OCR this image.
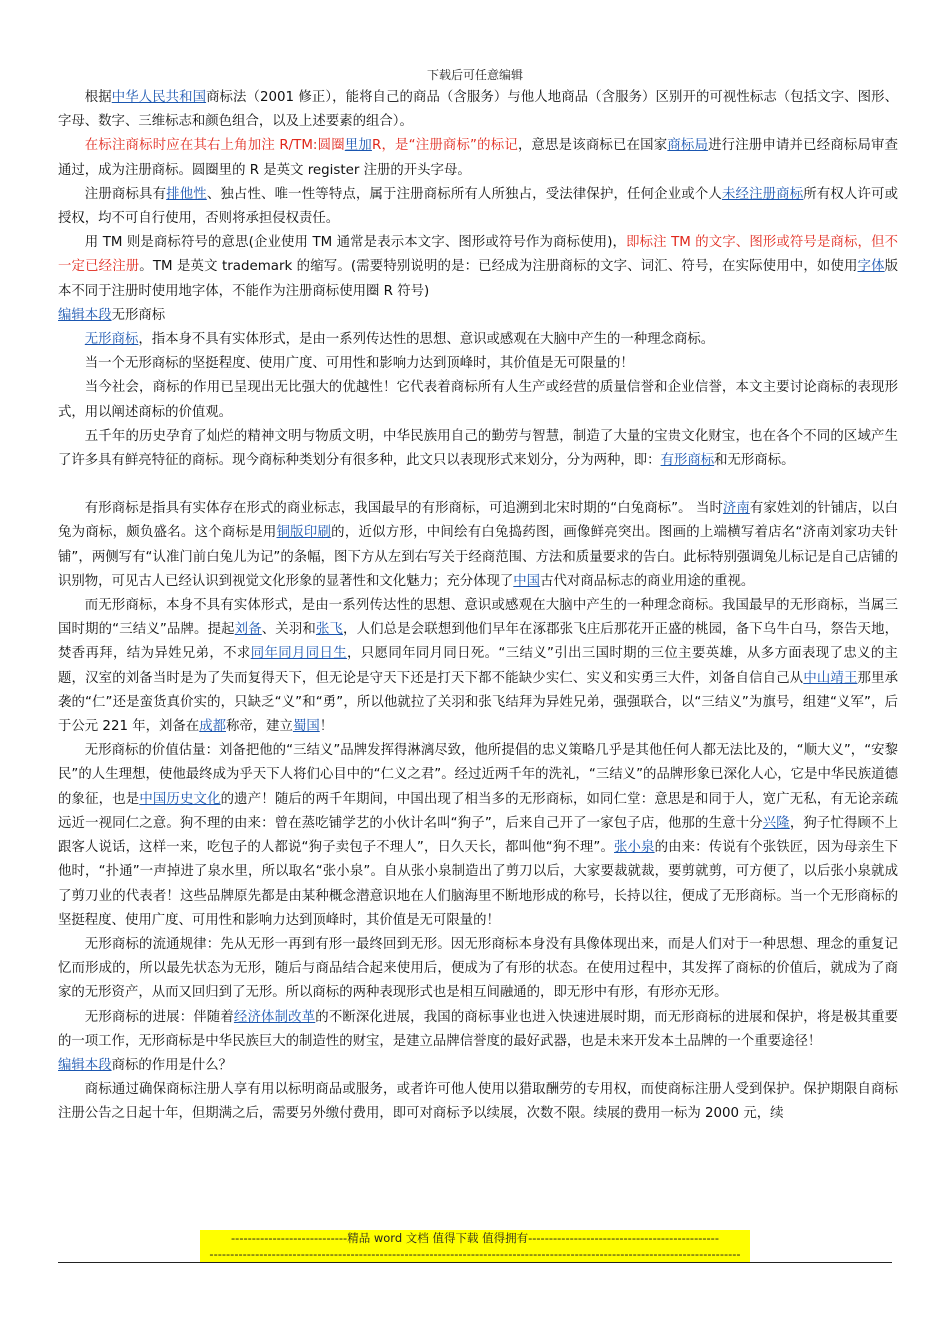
下载后可任意编辑

根据中华人民共和国商标法（2001 修正），能将自己的商品（含服务）与他人地商品（含服务）区别开的可视性标志（包括文字、图形、字母、数字、三维标志和颜色组合，以及上述要素的组合）。

在标注商标时应在其右上角加注 R/TM:圆圈里加R，是“注册商标”的标记，意思是该商标已在国家商标局进行注册申请并已经商标局审查通过，成为注册商标。圆圈里的 R 是英文 register 注册的开头字母。

注册商标具有排他性、独占性、唯一性等特点，属于注册商标所有人所独占，受法律保护，任何企业或个人未经注册商标所有权人许可或授权，均不可自行使用，否则将承担侵权责任。

用 TM 则是商标符号的意思(企业使用 TM 通常是表示本文字、图形或符号作为商标使用)，即标注 TM 的文字、图形或符号是商标，但不一定已经注册。TM 是英文 trademark 的缩写。(需要特别说明的是：已经成为注册商标的文字、词汇、符号，在实际使用中，如使用字体版本不同于注册时使用地字体，不能作为注册商标使用圈 R 符号)

编辑本段无形商标

无形商标，指本身不具有实体形式，是由一系列传达性的思想、意识或感观在大脑中产生的一种理念商标。

当一个无形商标的坚挺程度、使用广度、可用性和影响力达到顶峰时，其价值是无可限量的！

当今社会，商标的作用已呈现出无比强大的优越性！它代表着商标所有人生产或经营的质量信誉和企业信誉，本文主要讨论商标的表现形式，用以阐述商标的价值观。

五千年的历史孕育了灿烂的精神文明与物质文明，中华民族用自己的勤劳与智慧，制造了大量的宝贵文化财宝，也在各个不同的区域产生了许多具有鲜亮特征的商标。现今商标种类划分有很多种，此文只以表现形式来划分，分为两种，即：有形商标和无形商标。

有形商标是指具有实体存在形式的商业标志，我国最早的有形商标，可追溯到北宋时期的“白兔商标”。 当时济南有家姓刘的针铺店，以白兔为商标，颇负盛名。这个商标是用铜版印刷的，近似方形，中间绘有白兔捣药图，画像鲜亮突出。图画的上端横写着店名“济南刘家功夫针铺”，两侧写有“认准门前白兔儿为记”的条幅，图下方从左到右写关于经商范围、方法和质量要求的告白。此标特别强调兔儿标记是自己店铺的识别物，可见古人已经认识到视觉文化形象的显著性和文化魅力；充分体现了中国古代对商品标志的商业用途的重视。

而无形商标，本身不具有实体形式，是由一系列传达性的思想、意识或感观在大脑中产生的一种理念商标。我国最早的无形商标，当属三国时期的“三结义”品牌。提起刘备、关羽和张飞，人们总是会联想到他们早年在涿郡张飞庄后那花开正盛的桃园，备下乌牛白马，祭告天地，焚香再拜，结为异姓兄弟，不求同年同月同日生，只愿同年同月同日死。“三结义”引出三国时期的三位主要英雄，从多方面表现了忠义的主题，汉室的刘备当时是为了失而复得天下，但无论是守天下还是打天下都不能缺少实仁、实义和实勇三大件，刘备自信自己从中山靖王那里承袭的“仁”还是蛮货真价实的，只缺乏“义”和“勇”，所以他就拉了关羽和张飞结拜为异姓兄弟，强强联合，以“三结义”为旗号，组建“义军”，后于公元 221 年，刘备在成都称帝，建立蜀国！

无形商标的价值估量：刘备把他的“三结义”品牌发挥得淋漓尽致，他所提倡的忠义策略几乎是其他任何人都无法比及的，“顺大义”，“安黎民”的人生理想，使他最终成为乎天下人将们心目中的“仁义之君”。经过近两千年的洗礼，“三结义”的品牌形象已深化人心，它是中华民族道德的象征，也是中国历史文化的遗产！随后的两千年期间，中国出现了相当多的无形商标，如同仁堂：意思是和同于人，宽广无私，有无论亲疏远近一视同仁之意。狗不理的由来：曾在蒸吃铺学艺的小伙计名叫“狗子”，后来自己开了一家包子店，他那的生意十分兴隆，狗子忙得顾不上跟客人说话，这样一来，吃包子的人都说“狗子卖包子不理人”，日久天长，都叫他“狗不理”。张小泉的由来：传说有个张铁匠，因为母亲生下他时，“扑通”一声掉进了泉水里，所以取名“张小泉”。自从张小泉制造出了剪刀以后，大家要裁就裁，要剪就剪，可方便了，以后张小泉就成了剪刀业的代表者！这些品牌原先都是由某种概念潜意识地在人们脑海里不断地形成的称号，长持以往，便成了无形商标。当一个无形商标的坚挺程度、使用广度、可用性和影响力达到顶峰时，其价值是无可限量的！

无形商标的流通规律：先从无形一再到有形一最终回到无形。因无形商标本身没有具像体现出来，而是人们对于一种思想、理念的重复记忆而形成的，所以最先状态为无形，随后与商品结合起来使用后，便成为了有形的状态。在使用过程中，其发挥了商标的价值后，就成为了商家的无形资产，从而又回归到了无形。所以商标的两种表现形式也是相互间融通的，即无形中有形，有形亦无形。

无形商标的进展：伴随着经济体制改革的不断深化进展，我国的商标事业也进入快速进展时期，而无形商标的进展和保护，将是极其重要的一项工作，无形商标是中华民族巨大的制造性的财宝，是建立品牌信誉度的最好武器，也是未来开发本土品牌的一个重要途径！

编辑本段商标的作用是什么？

商标通过确保商标注册人享有用以标明商品或服务，或者许可他人使用以猎取酬劳的专用权，而使商标注册人受到保护。保护期限自商标注册公告之日起十年，但期满之后，需要另外缴付费用，即可对商标予以续展，次数不限。续展的费用一标为 2000 元，续

----------------------------精品 word 文档 值得下载 值得拥有----------------------------------------------
--------------------------------------------------------------------------------------------------------------------------------
